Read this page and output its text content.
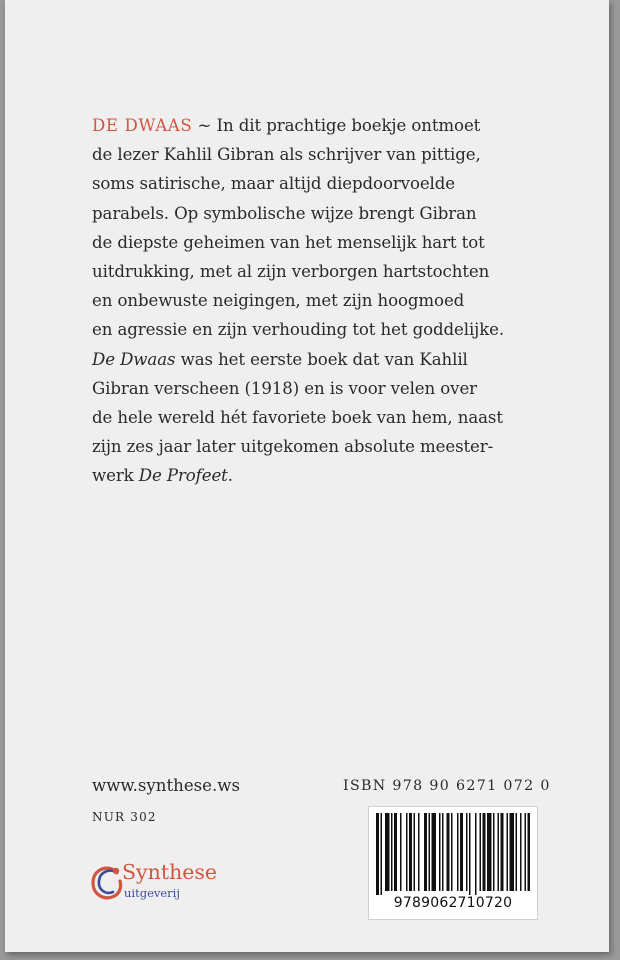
DE DWAAS ~ In dit prachtige boekje ontmoet
de lezer Kahlil Gibran als schrijver van pittige,
soms satirische, maar altijd diepdoorvoelde
parabels. Op symbolische wijze brengt Gibran
de diepste geheimen van het menselijk hart tot
uitdrukking, met al zijn verborgen hartstochten
en onbewuste neigingen, met zijn hoogmoed
en agressie en zijn verhouding tot het goddelijke.
De Dwaas was het eerste boek dat van Kahlil
Gibran verscheen (1918) en is voor velen over
de hele wereld hét favoriete boek van hem, naast
zijn zes jaar later uitgekomen absolute meester-
werk De Profeet.
www.synthese.ws
NUR 302
Synthese
uitgeverij
ISBN 978 90 6271 072 0
9789062710720
